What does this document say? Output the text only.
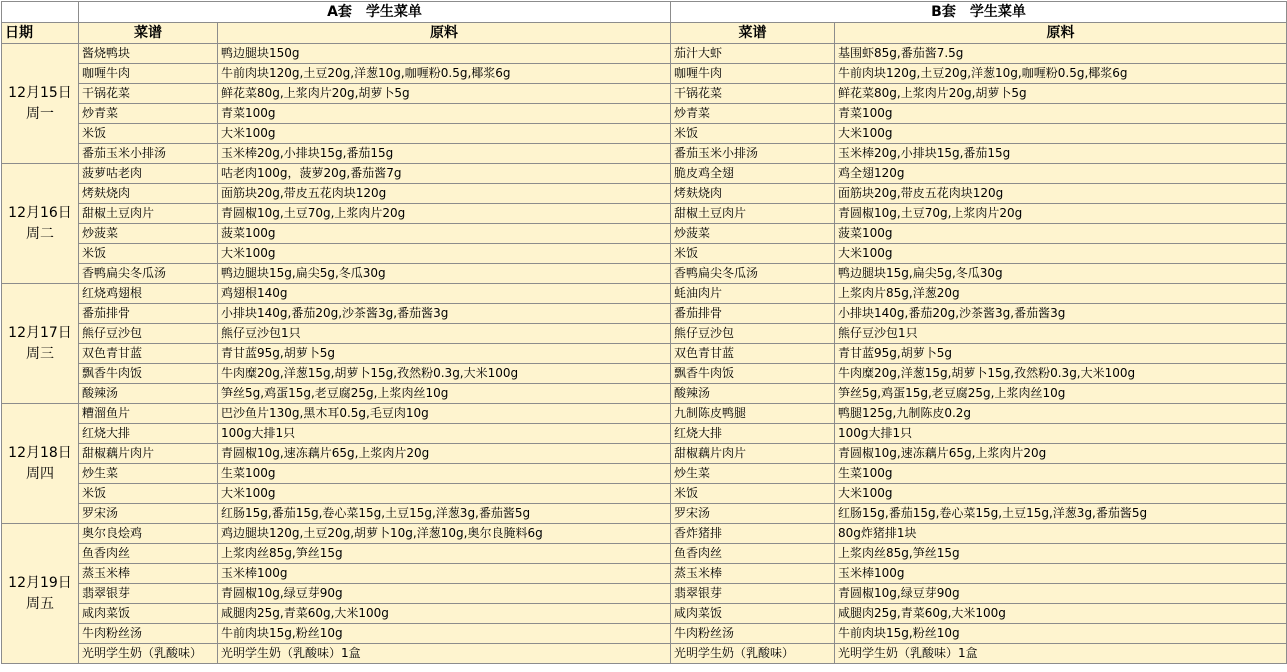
	A套　学生菜单		B套　学生菜单	
日期	菜谱	原料	菜谱	原料

12月15日
周一	酱烧鸭块	鸭边腿块150g	茄汁大虾	基围虾85g,番茄酱7.5g
	咖喱牛肉	牛前肉块120g,土豆20g,洋葱10g,咖喱粉0.5g,椰浆6g	咖喱牛肉	牛前肉块120g,土豆20g,洋葱10g,咖喱粉0.5g,椰浆6g
	干锅花菜	鲜花菜80g,上浆肉片20g,胡萝卜5g	干锅花菜	鲜花菜80g,上浆肉片20g,胡萝卜5g
	炒青菜	青菜100g	炒青菜	青菜100g
	米饭	大米100g	米饭	大米100g
	番茄玉米小排汤	玉米棒20g,小排块15g,番茄15g	番茄玉米小排汤	玉米棒20g,小排块15g,番茄15g

12月16日
周二	菠萝咕老肉	咕老肉100g，菠萝20g,番茄酱7g	脆皮鸡全翅	鸡全翅120g
	烤麸烧肉	面筋块20g,带皮五花肉块120g	烤麸烧肉	面筋块20g,带皮五花肉块120g
	甜椒土豆肉片	青圆椒10g,土豆70g,上浆肉片20g	甜椒土豆肉片	青圆椒10g,土豆70g,上浆肉片20g
	炒菠菜	菠菜100g	炒菠菜	菠菜100g
	米饭	大米100g	米饭	大米100g
	香鸭扁尖冬瓜汤	鸭边腿块15g,扁尖5g,冬瓜30g	香鸭扁尖冬瓜汤	鸭边腿块15g,扁尖5g,冬瓜30g

12月17日
周三	红烧鸡翅根	鸡翅根140g	蚝油肉片	上浆肉片85g,洋葱20g
	番茄排骨	小排块140g,番茄20g,沙茶酱3g,番茄酱3g	番茄排骨	小排块140g,番茄20g,沙茶酱3g,番茄酱3g
	熊仔豆沙包	熊仔豆沙包1只	熊仔豆沙包	熊仔豆沙包1只
	双色青甘蓝	青甘蓝95g,胡萝卜5g	双色青甘蓝	青甘蓝95g,胡萝卜5g
	飘香牛肉饭	牛肉糜20g,洋葱15g,胡萝卜15g,孜然粉0.3g,大米100g	飘香牛肉饭	牛肉糜20g,洋葱15g,胡萝卜15g,孜然粉0.3g,大米100g
	酸辣汤	笋丝5g,鸡蛋15g,老豆腐25g,上浆肉丝10g	酸辣汤	笋丝5g,鸡蛋15g,老豆腐25g,上浆肉丝10g

12月18日
周四	糟溜鱼片	巴沙鱼片130g,黑木耳0.5g,毛豆肉10g	九制陈皮鸭腿	鸭腿125g,九制陈皮0.2g
	红烧大排	100g大排1只	红烧大排	100g大排1只
	甜椒藕片肉片	青圆椒10g,速冻藕片65g,上浆肉片20g	甜椒藕片肉片	青圆椒10g,速冻藕片65g,上浆肉片20g
	炒生菜	生菜100g	炒生菜	生菜100g
	米饭	大米100g	米饭	大米100g
	罗宋汤	红肠15g,番茄15g,卷心菜15g,土豆15g,洋葱3g,番茄酱5g	罗宋汤	红肠15g,番茄15g,卷心菜15g,土豆15g,洋葱3g,番茄酱5g

12月19日
周五	奥尔良烩鸡	鸡边腿块120g,土豆20g,胡萝卜10g,洋葱10g,奥尔良腌料6g	香炸猪排	80g炸猪排1块
	鱼香肉丝	上浆肉丝85g,笋丝15g	鱼香肉丝	上浆肉丝85g,笋丝15g
	蒸玉米棒	玉米棒100g	蒸玉米棒	玉米棒100g
	翡翠银芽	青圆椒10g,绿豆芽90g	翡翠银芽	青圆椒10g,绿豆芽90g
	咸肉菜饭	咸腿肉25g,青菜60g,大米100g	咸肉菜饭	咸腿肉25g,青菜60g,大米100g
	牛肉粉丝汤	牛前肉块15g,粉丝10g	牛肉粉丝汤	牛前肉块15g,粉丝10g
	光明学生奶（乳酸味）	光明学生奶（乳酸味）1盒	光明学生奶（乳酸味）	光明学生奶（乳酸味）1盒
